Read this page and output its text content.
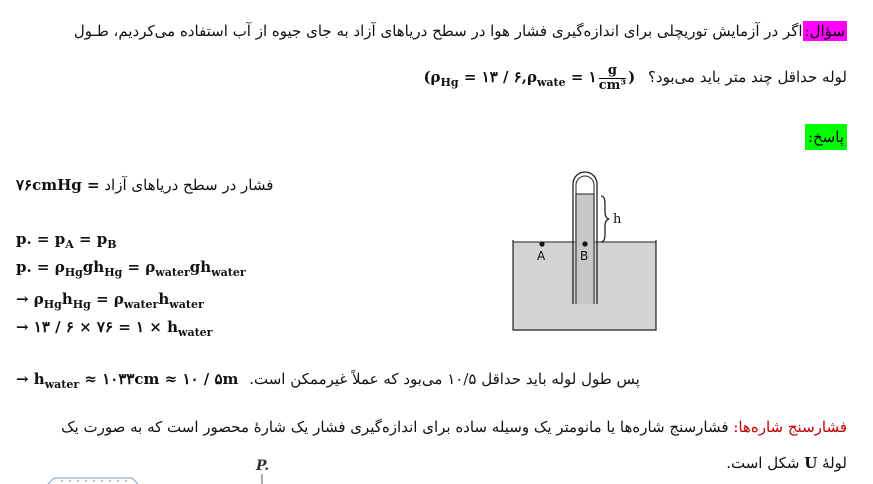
سؤال:اگر در آزمایش توریچلی برای اندازه‌گیری فشار هوا در سطح دریاهای آزاد به جای جیوه از آب استفاده می‌کردیم، طـول
لوله حداقل چند متر باید می‌بود؟ ($\rho_{Hg}$ = ۱۳ / $۶,\rho_{wate}$ = ۱ $\frac{g}{\text{cm³}}$ )
پاسخ:
۷۶cmHg = فشار در سطح دریاهای آزاد
p. = $p_A = p_B$
p. = $\rho_{Hg}gh_{Hg} = \rho_{water}gh_{water}$
→ $\rho_{Hg}h_{Hg} = \rho_{water}h_{water}$
→ ۱۳ / ۶ × ۷۶ = ۱ × $h_{water}$
h
A	B
→ $h_{water}$ ≈ ۱۰۳۳cm ≈ ۱۰ / ۵m پس طول لوله باید حداقل ۱۰/۵ می‌بود که عملاً غیرممکن است.
فشارسنج شاره‌ها: فشارسنج شاره‌ها یا مانومتر یک وسیله ساده برای اندازه‌گیری فشار یک شارهٔ محصور است که به صورت یک
لولهٔ U شکل است.
P.
